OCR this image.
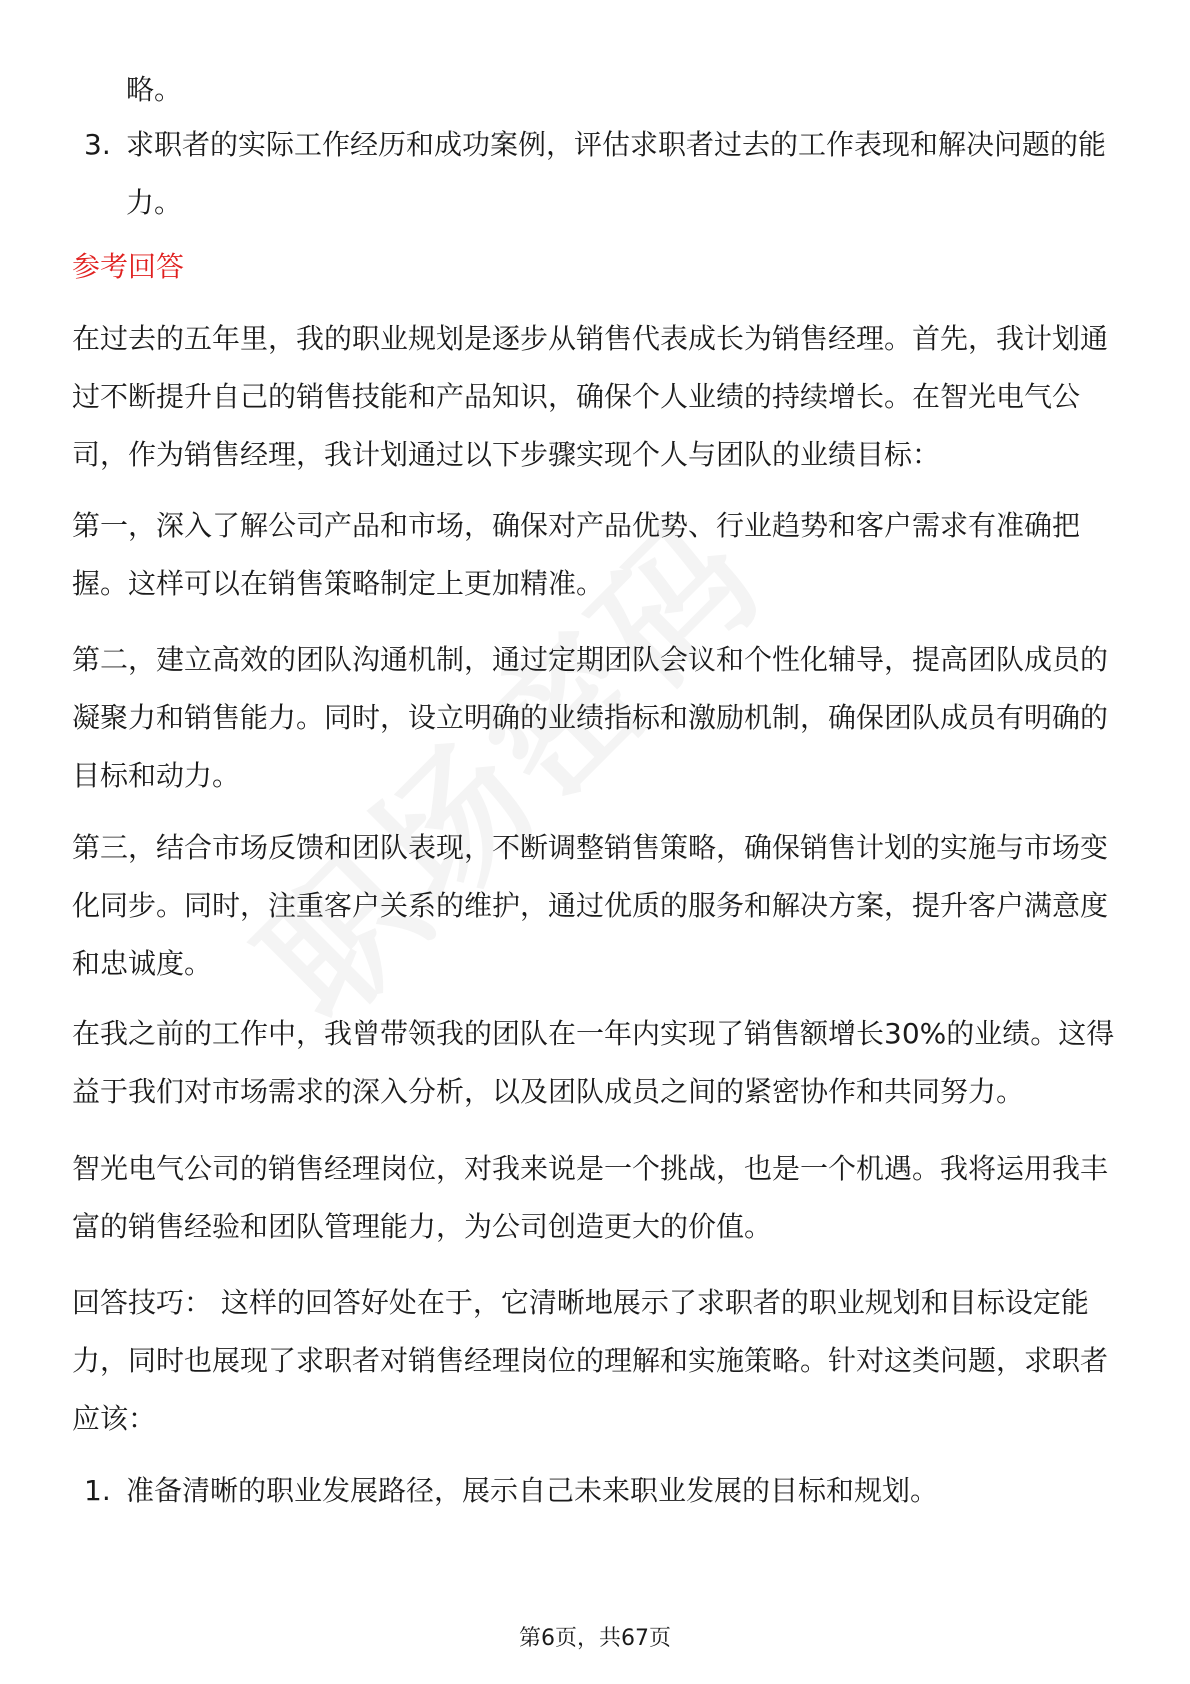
略。
3. 求职者的实际工作经历和成功案例，评估求职者过去的工作表现和解决问题的能力。
参考回答

在过去的五年里，我的职业规划是逐步从销售代表成长为销售经理。首先，我计划通过不断提升自己的销售技能和产品知识，确保个人业绩的持续增长。在智光电气公司，作为销售经理，我计划通过以下步骤实现个人与团队的业绩目标：

第一，深入了解公司产品和市场，确保对产品优势、行业趋势和客户需求有准确把握。这样可以在销售策略制定上更加精准。

第二，建立高效的团队沟通机制，通过定期团队会议和个性化辅导，提高团队成员的凝聚力和销售能力。同时，设立明确的业绩指标和激励机制，确保团队成员有明确的目标和动力。

第三，结合市场反馈和团队表现，不断调整销售策略，确保销售计划的实施与市场变化同步。同时，注重客户关系的维护，通过优质的服务和解决方案，提升客户满意度和忠诚度。

在我之前的工作中，我曾带领我的团队在一年内实现了销售额增长30%的业绩。这得益于我们对市场需求的深入分析，以及团队成员之间的紧密协作和共同努力。

智光电气公司的销售经理岗位，对我来说是一个挑战，也是一个机遇。我将运用我丰富的销售经验和团队管理能力，为公司创造更大的价值。

回答技巧： 这样的回答好处在于，它清晰地展示了求职者的职业规划和目标设定能力，同时也展现了求职者对销售经理岗位的理解和实施策略。针对这类问题，求职者应该：

1. 准备清晰的职业发展路径，展示自己未来职业发展的目标和规划。
第6页，共67页
